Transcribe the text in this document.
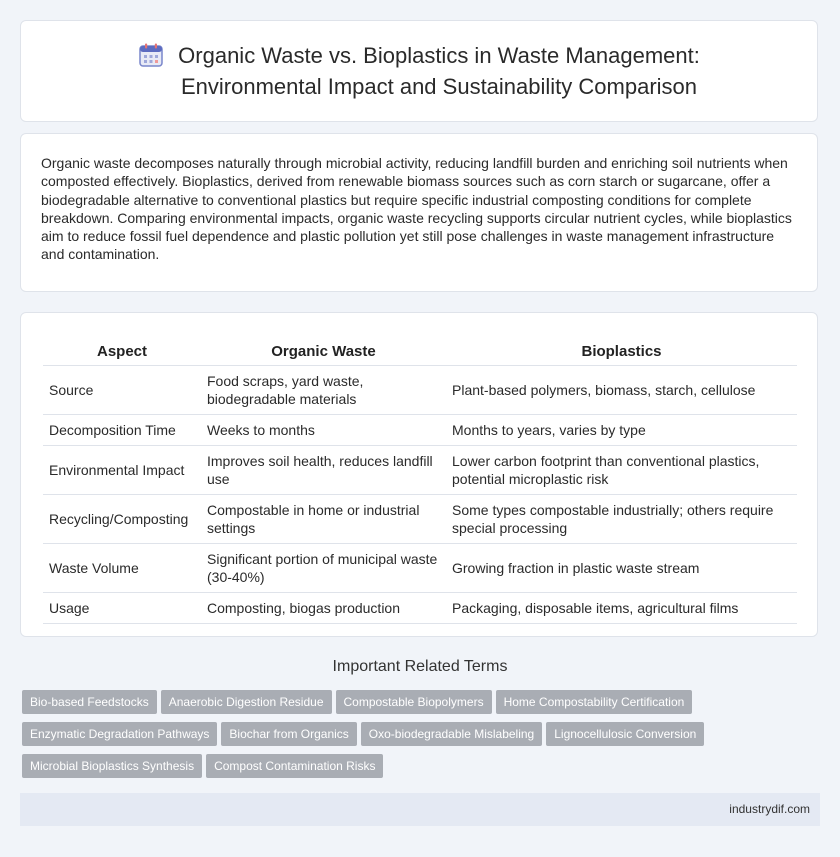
Organic Waste vs. Bioplastics in Waste Management:
Environmental Impact and Sustainability Comparison

Organic waste decomposes naturally through microbial activity, reducing landfill burden and enriching soil nutrients when composted effectively. Bioplastics, derived from renewable biomass sources such as corn starch or sugarcane, offer a biodegradable alternative to conventional plastics but require specific industrial composting conditions for complete breakdown. Comparing environmental impacts, organic waste recycling supports circular nutrient cycles, while bioplastics aim to reduce fossil fuel dependence and plastic pollution yet still pose challenges in waste management infrastructure and contamination.

Aspect	Organic Waste	Bioplastics
Source	Food scraps, yard waste, biodegradable materials	Plant-based polymers, biomass, starch, cellulose
Decomposition Time	Weeks to months	Months to years, varies by type
Environmental Impact	Improves soil health, reduces landfill use	Lower carbon footprint than conventional plastics, potential microplastic risk
Recycling/Composting	Compostable in home or industrial settings	Some types compostable industrially; others require special processing
Waste Volume	Significant portion of municipal waste (30-40%)	Growing fraction in plastic waste stream
Usage	Composting, biogas production	Packaging, disposable items, agricultural films
Important Related Terms
Bio-based Feedstocks Anaerobic Digestion Residue Compostable Biopolymers Home Compostability Certification
Enzymatic Degradation Pathways Biochar from Organics Oxo-biodegradable Mislabeling Lignocellulosic Conversion
Microbial Bioplastics Synthesis Compost Contamination Risks
industrydif.com
